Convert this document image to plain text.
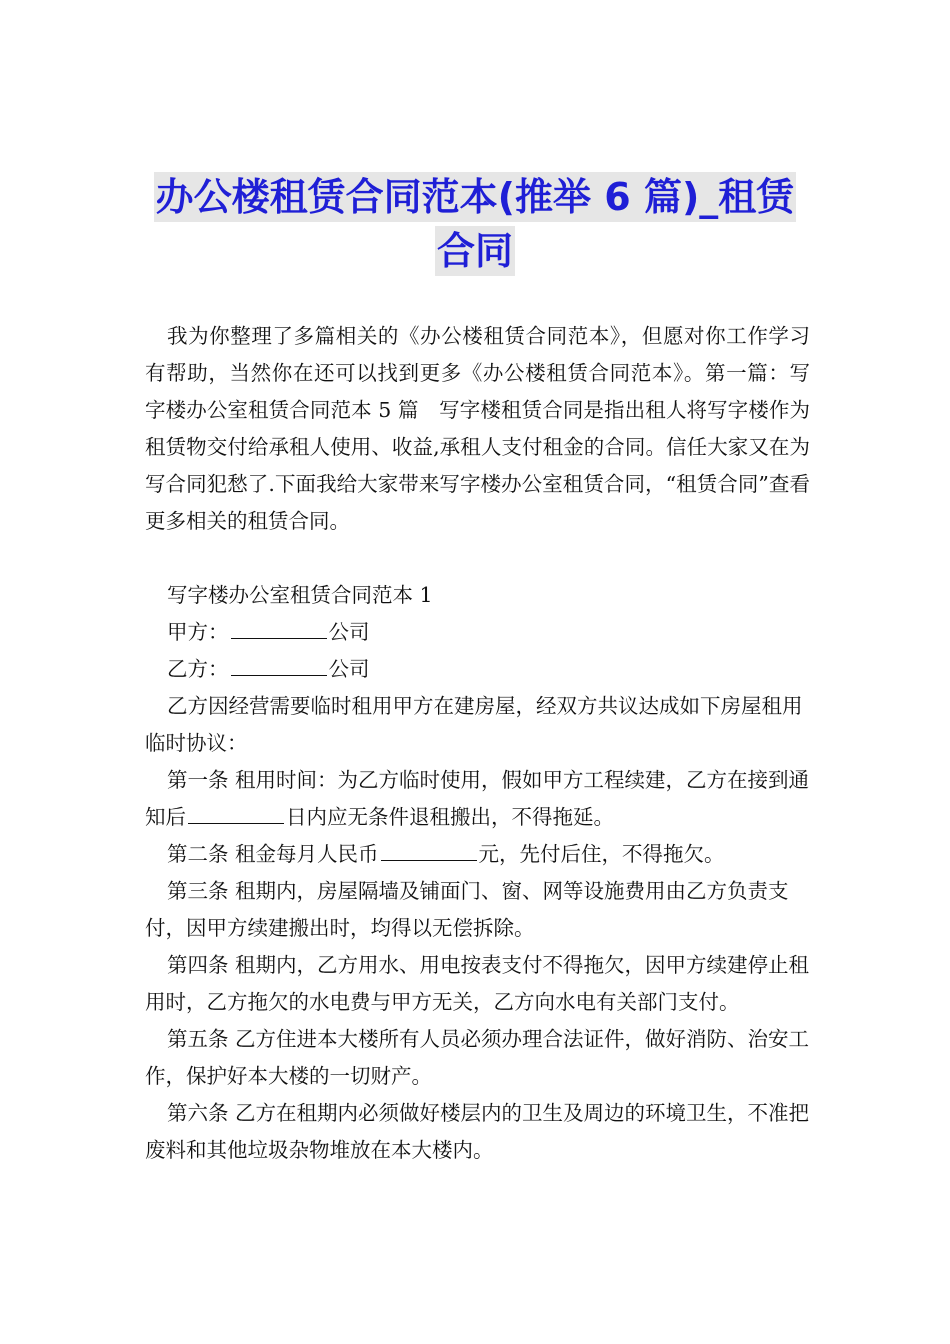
办公楼租赁合同范本(推举 6 篇)_租赁
合同

我为你整理了多篇相关的《办公楼租赁合同范本》，但愿对你工作学习有帮助，当然你在还可以找到更多《办公楼租赁合同范本》。第一篇：写字楼办公室租赁合同范本 5 篇　写字楼租赁合同是指出租人将写字楼作为租赁物交付给承租人使用、收益,承租人支付租金的合同。信任大家又在为写合同犯愁了.下面我给大家带来写字楼办公室租赁合同，“租赁合同”查看更多相关的租赁合同。

写字楼办公室租赁合同范本 1

甲方：	公司

乙方：	公司

乙方因经营需要临时租用甲方在建房屋，经双方共议达成如下房屋租用临时协议：

第一条 租用时间：为乙方临时使用，假如甲方工程续建，乙方在接到通知后	日内应无条件退租搬出，不得拖延。

第二条 租金每月人民币	元，先付后住，不得拖欠。

第三条 租期内，房屋隔墙及铺面门、窗、网等设施费用由乙方负责支付，因甲方续建搬出时，均得以无偿拆除。

第四条 租期内，乙方用水、用电按表支付不得拖欠，因甲方续建停止租用时，乙方拖欠的水电费与甲方无关，乙方向水电有关部门支付。

第五条 乙方住进本大楼所有人员必须办理合法证件，做好消防、治安工作，保护好本大楼的一切财产。

第六条 乙方在租期内必须做好楼层内的卫生及周边的环境卫生，不准把废料和其他垃圾杂物堆放在本大楼内。
